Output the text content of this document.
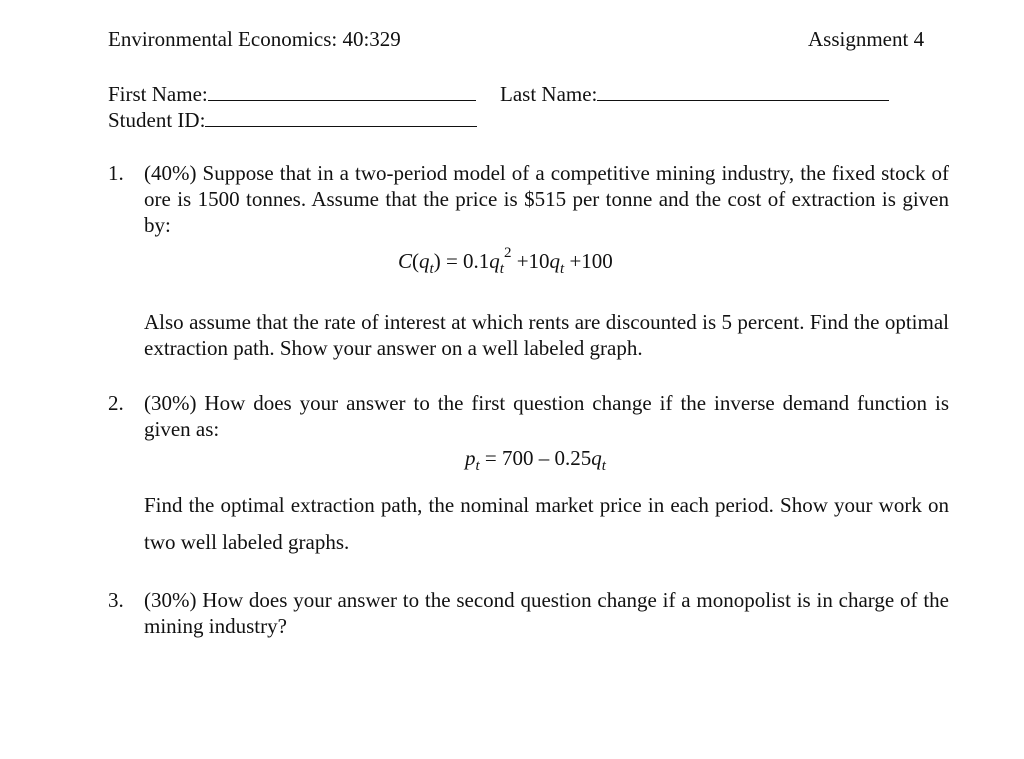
Environmental Economics: 40:329	Assignment 4
First Name:	Last Name:
Student ID:
1. (40%) Suppose that in a two-period model of a competitive mining industry, the fixed stock of ore is 1500 tonnes. Assume that the price is $515 per tonne and the cost of extraction is given by:
$C(q_t) = 0.1q_t^2 +10q_t +100$
Also assume that the rate of interest at which rents are discounted is 5 percent. Find the optimal extraction path. Show your answer on a well labeled graph.
2. (30%) How does your answer to the first question change if the inverse demand function is given as:
$p_t = 700 - 0.25q_t$
Find the optimal extraction path, the nominal market price in each period. Show your work on two well labeled graphs.
3. (30%) How does your answer to the second question change if a monopolist is in charge of the mining industry?
